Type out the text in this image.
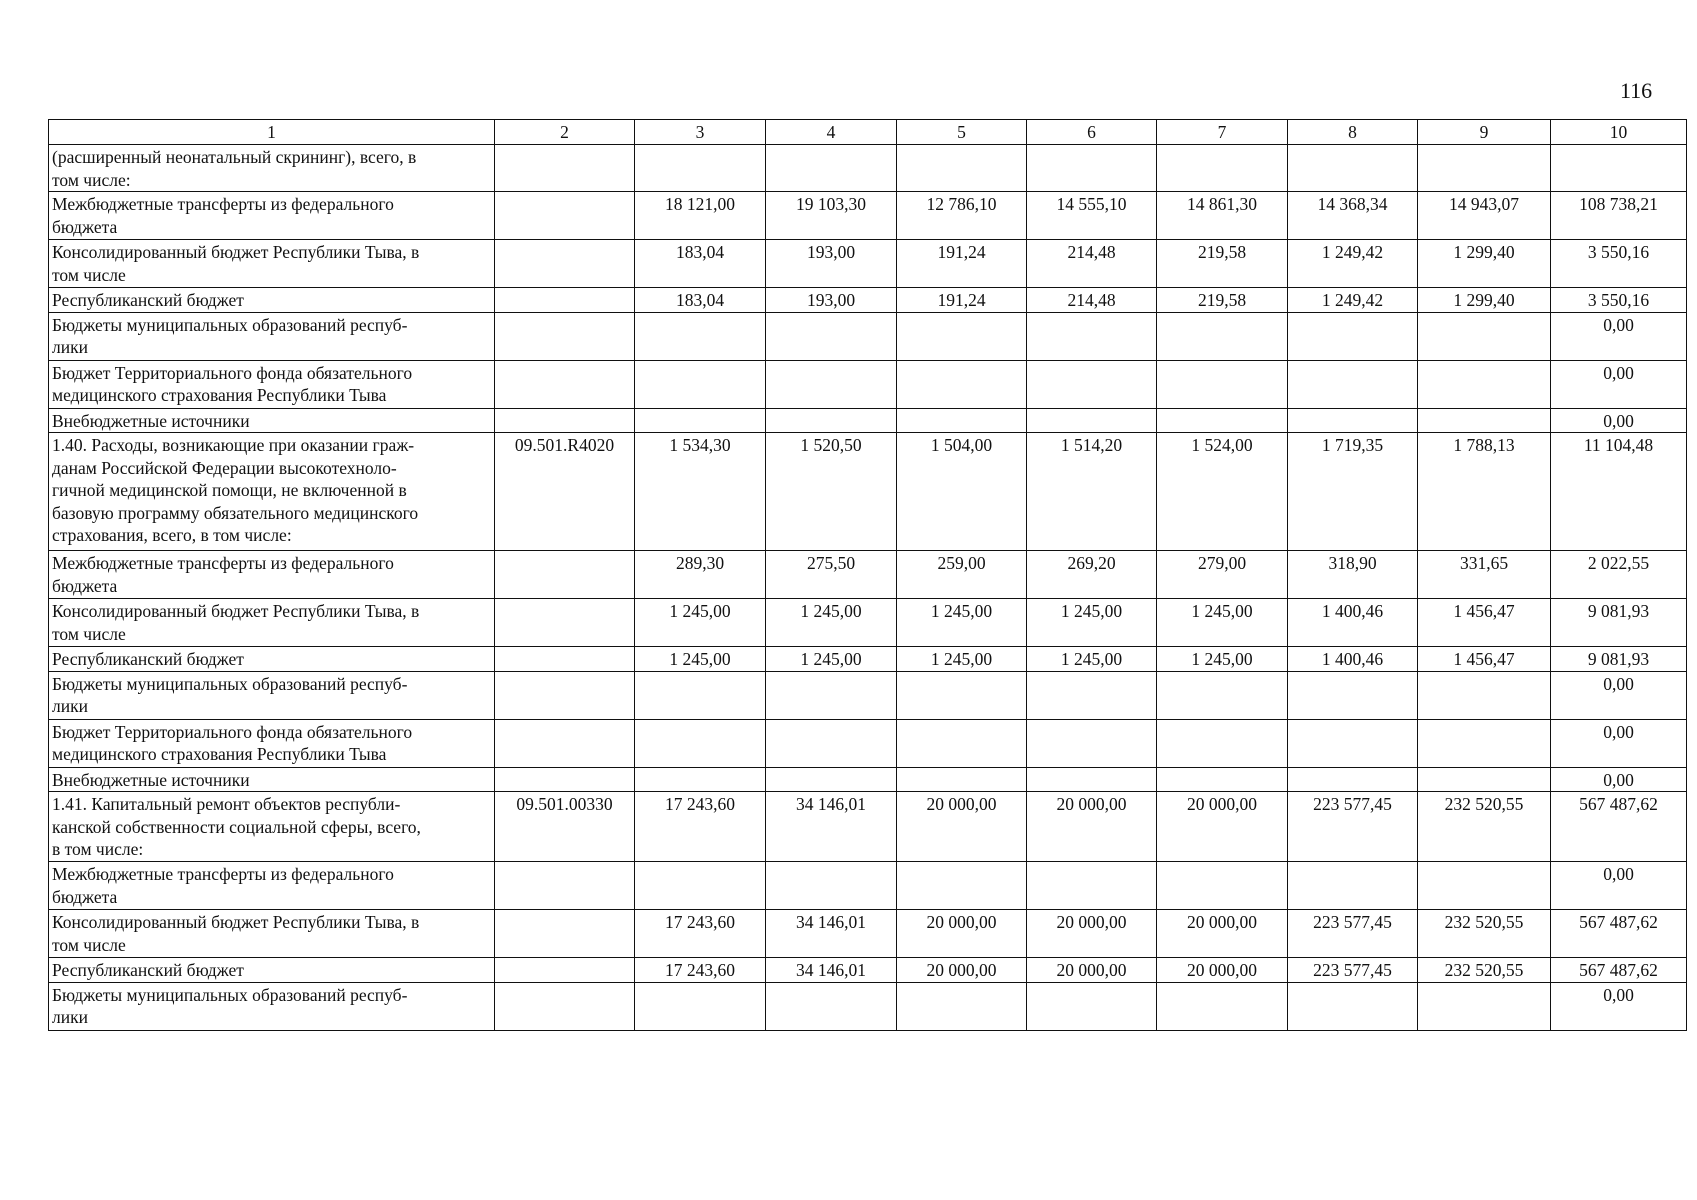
116
1	2	3	4	5	6	7	8	9	10
(расширенный неонатальный скрининг), всего, в
том числе:									
Межбюджетные трансферты из федерального
бюджета		18 121,00	19 103,30	12 786,10	14 555,10	14 861,30	14 368,34	14 943,07	108 738,21
Консолидированный бюджет Республики Тыва, в
том числе		183,04	193,00	191,24	214,48	219,58	1 249,42	1 299,40	3 550,16
Республиканский бюджет		183,04	193,00	191,24	214,48	219,58	1 249,42	1 299,40	3 550,16
Бюджеты муниципальных образований респуб-
лики									0,00
Бюджет Территориального фонда обязательного
медицинского страхования Республики Тыва									0,00
Внебюджетные источники									0,00
1.40. Расходы, возникающие при оказании граж-
данам Российской Федерации высокотехноло-
гичной медицинской помощи, не включенной в
базовую программу обязательного медицинского
страхования, всего, в том числе:	09.501.R4020	1 534,30	1 520,50	1 504,00	1 514,20	1 524,00	1 719,35	1 788,13	11 104,48
Межбюджетные трансферты из федерального
бюджета		289,30	275,50	259,00	269,20	279,00	318,90	331,65	2 022,55
Консолидированный бюджет Республики Тыва, в
том числе		1 245,00	1 245,00	1 245,00	1 245,00	1 245,00	1 400,46	1 456,47	9 081,93
Республиканский бюджет		1 245,00	1 245,00	1 245,00	1 245,00	1 245,00	1 400,46	1 456,47	9 081,93
Бюджеты муниципальных образований респуб-
лики									0,00
Бюджет Территориального фонда обязательного
медицинского страхования Республики Тыва									0,00
Внебюджетные источники									0,00
1.41. Капитальный ремонт объектов республи-
канской собственности социальной сферы, всего,
в том числе:	09.501.00330	17 243,60	34 146,01	20 000,00	20 000,00	20 000,00	223 577,45	232 520,55	567 487,62
Межбюджетные трансферты из федерального
бюджета									0,00
Консолидированный бюджет Республики Тыва, в
том числе		17 243,60	34 146,01	20 000,00	20 000,00	20 000,00	223 577,45	232 520,55	567 487,62
Республиканский бюджет		17 243,60	34 146,01	20 000,00	20 000,00	20 000,00	223 577,45	232 520,55	567 487,62
Бюджеты муниципальных образований респуб-
лики									0,00
